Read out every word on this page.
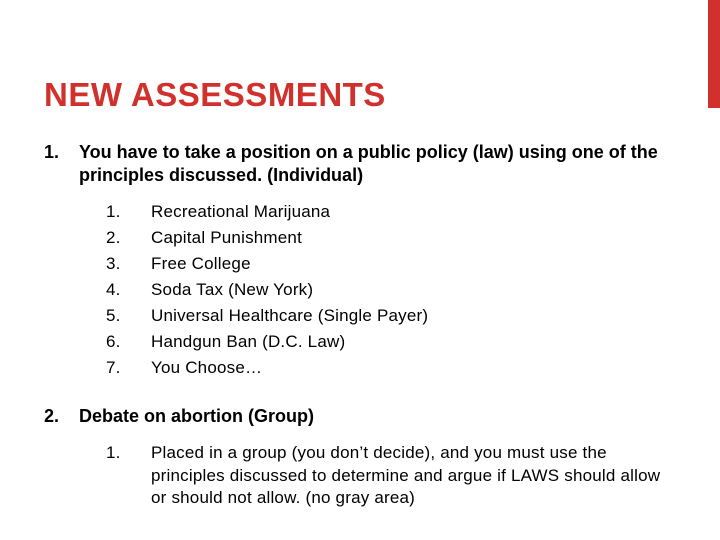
NEW ASSESSMENTS
1. You have to take a position on a public policy (law) using one of the principles discussed. (Individual)
1. Recreational Marijuana
2. Capital Punishment
3. Free College
4. Soda Tax (New York)
5. Universal Healthcare (Single Payer)
6. Handgun Ban (D.C. Law)
7. You Choose…
2. Debate on abortion (Group)
1. Placed in a group (you don’t decide), and you must use the principles discussed to determine and argue if LAWS should allow or should not allow. (no gray area)
